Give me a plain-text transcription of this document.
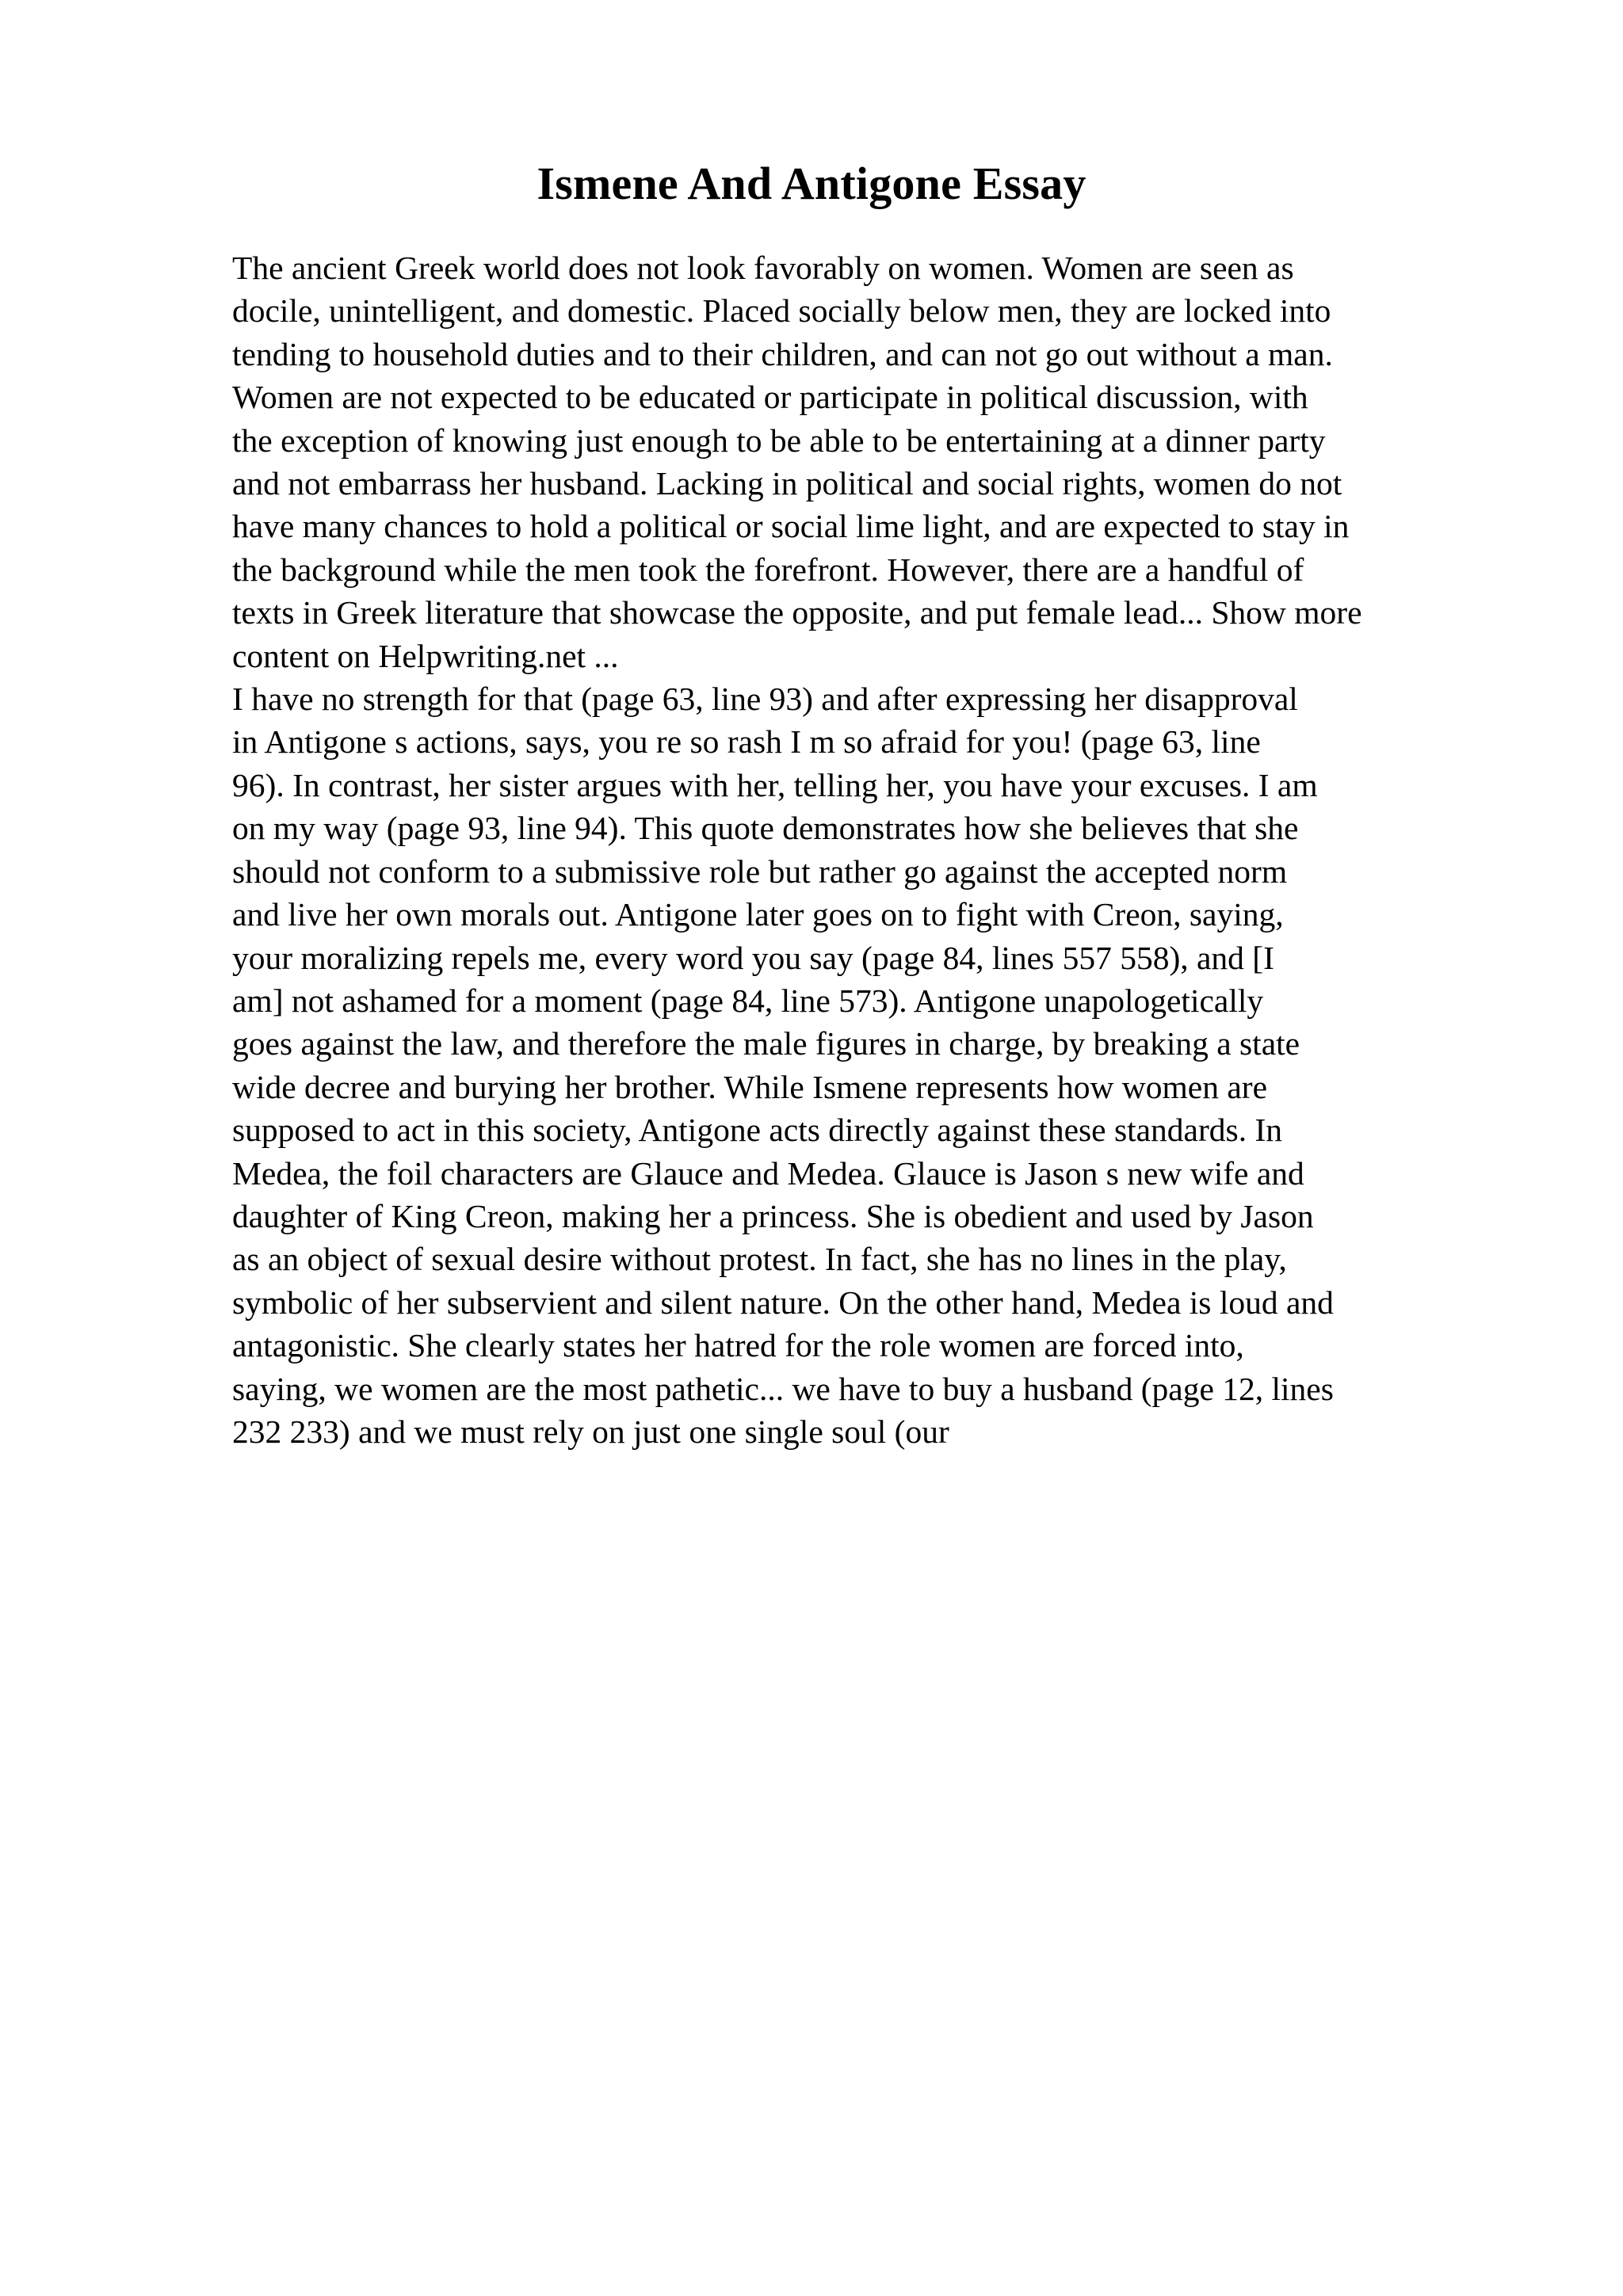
Ismene And Antigone Essay
The ancient Greek world does not look favorably on women. Women are seen as
docile, unintelligent, and domestic. Placed socially below men, they are locked into
tending to household duties and to their children, and can not go out without a man.
Women are not expected to be educated or participate in political discussion, with
the exception of knowing just enough to be able to be entertaining at a dinner party
and not embarrass her husband. Lacking in political and social rights, women do not
have many chances to hold a political or social lime light, and are expected to stay in
the background while the men took the forefront. However, there are a handful of
texts in Greek literature that showcase the opposite, and put female lead... Show more
content on Helpwriting.net ...
I have no strength for that (page 63, line 93) and after expressing her disapproval
in Antigone s actions, says, you re so rash I m so afraid for you! (page 63, line
96). In contrast, her sister argues with her, telling her, you have your excuses. I am
on my way (page 93, line 94). This quote demonstrates how she believes that she
should not conform to a submissive role but rather go against the accepted norm
and live her own morals out. Antigone later goes on to fight with Creon, saying,
your moralizing repels me, every word you say (page 84, lines 557 558), and [I
am] not ashamed for a moment (page 84, line 573). Antigone unapologetically
goes against the law, and therefore the male figures in charge, by breaking a state
wide decree and burying her brother. While Ismene represents how women are
supposed to act in this society, Antigone acts directly against these standards. In
Medea, the foil characters are Glauce and Medea. Glauce is Jason s new wife and
daughter of King Creon, making her a princess. She is obedient and used by Jason
as an object of sexual desire without protest. In fact, she has no lines in the play,
symbolic of her subservient and silent nature. On the other hand, Medea is loud and
antagonistic. She clearly states her hatred for the role women are forced into,
saying, we women are the most pathetic... we have to buy a husband (page 12, lines
232 233) and we must rely on just one single soul (our
